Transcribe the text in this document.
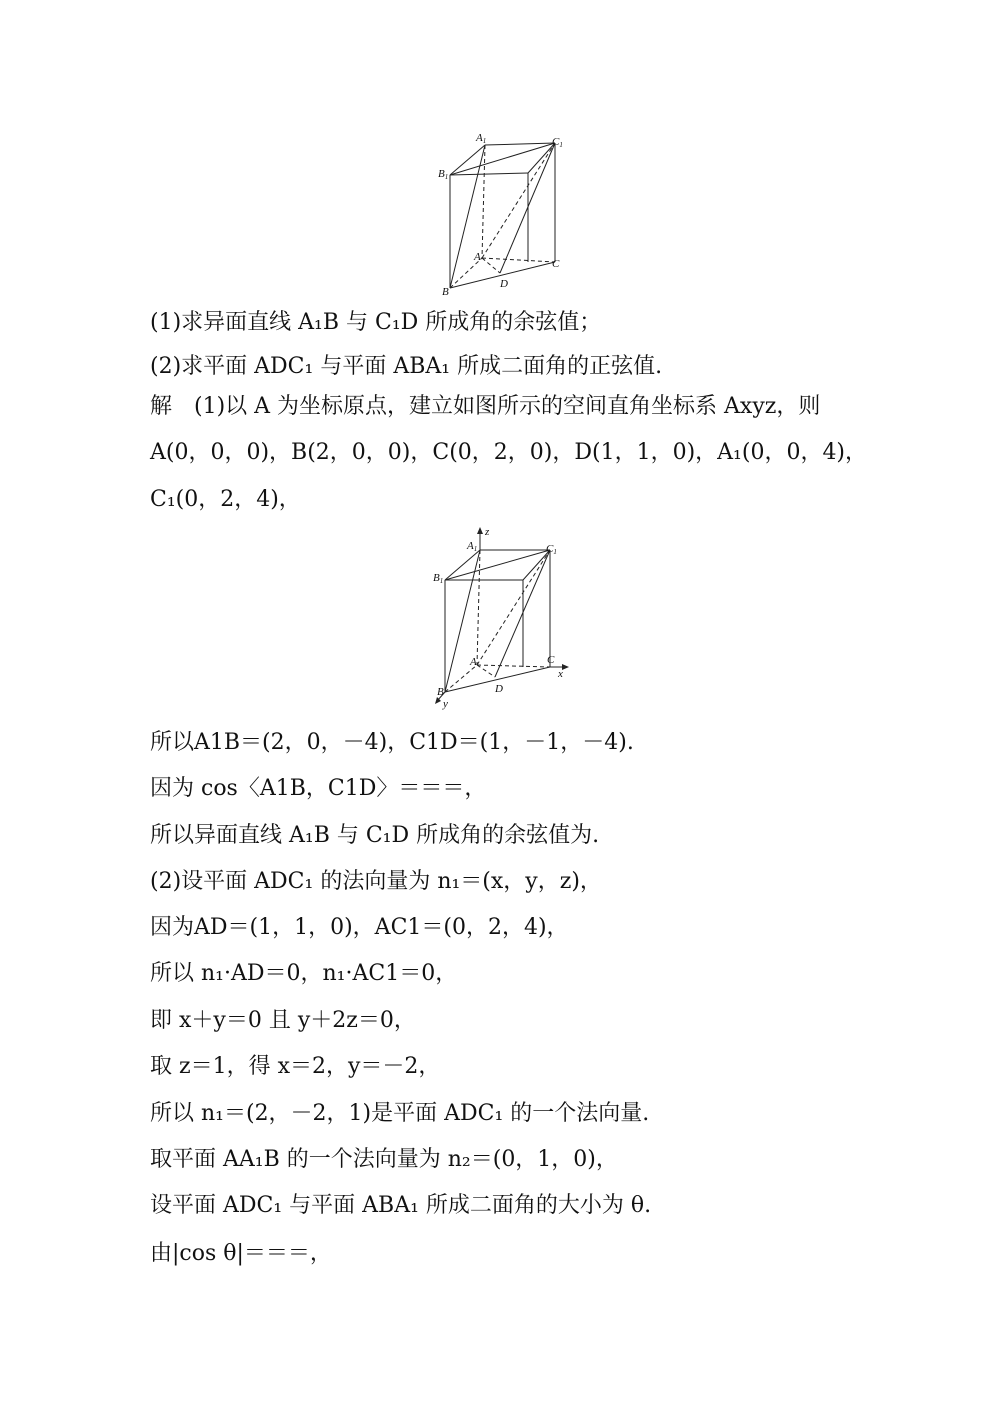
A1
B1
C1
A
B
C
D
(1)求异面直线 A₁B 与 C₁D 所成角的余弦值；
(2)求平面 ADC₁ 与平面 ABA₁ 所成二面角的正弦值.
解　(1)以 A 为坐标原点，建立如图所示的空间直角坐标系 Axyz，则
A(0，0，0)，B(2，0，0)，C(0，2，0)，D(1，1，0)，A₁(0，0，4)，
C₁(0，2，4)，
z
x
y
A1
B1
C1
A
B
C
D
所以A1B＝(2，0，－4)，C1D＝(1，－1，－4).
因为 cos〈A1B，C1D〉＝＝＝，
所以异面直线 A₁B 与 C₁D 所成角的余弦值为.
(2)设平面 ADC₁ 的法向量为 n₁＝(x，y，z)，
因为AD＝(1，1，0)，AC1＝(0，2，4)，
所以 n₁·AD＝0，n₁·AC1＝0，
即 x＋y＝0 且 y＋2z＝0，
取 z＝1，得 x＝2，y＝－2，
所以 n₁＝(2，－2，1)是平面 ADC₁ 的一个法向量.
取平面 AA₁B 的一个法向量为 n₂＝(0，1，0)，
设平面 ADC₁ 与平面 ABA₁ 所成二面角的大小为 θ.
由|cos θ|＝＝＝，
